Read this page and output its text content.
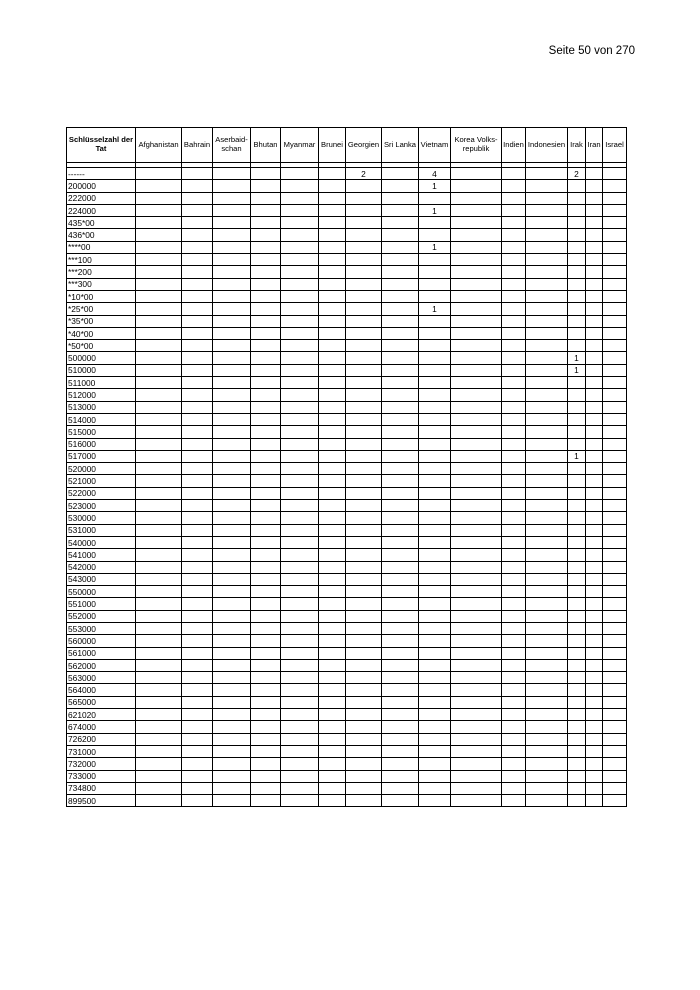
Seite 50 von 270
Schlüsselzahl der Tat	Afghanistan	Bahrain	Aserbaid- schan	Bhutan	Myanmar	Brunei	Georgien	Sri Lanka	Vietnam	Korea Volks- republik	Indien	Indonesien	Irak	Iran	Israel

------							2		4				2		
200000									1						
222000															
224000									1						
435*00															
436*00															
****00									1						
***100															
***200															
***300															
*10*00															
*25*00									1						
*35*00															
*40*00															
*50*00															
500000													1		
510000													1		
511000															
512000															
513000															
514000															
515000															
516000															
517000													1		
520000															
521000															
522000															
523000															
530000															
531000															
540000															
541000															
542000															
543000															
550000															
551000															
552000															
553000															
560000															
561000															
562000															
563000															
564000															
565000															
621020															
674000															
726200															
731000															
732000															
733000															
734800															
899500															
